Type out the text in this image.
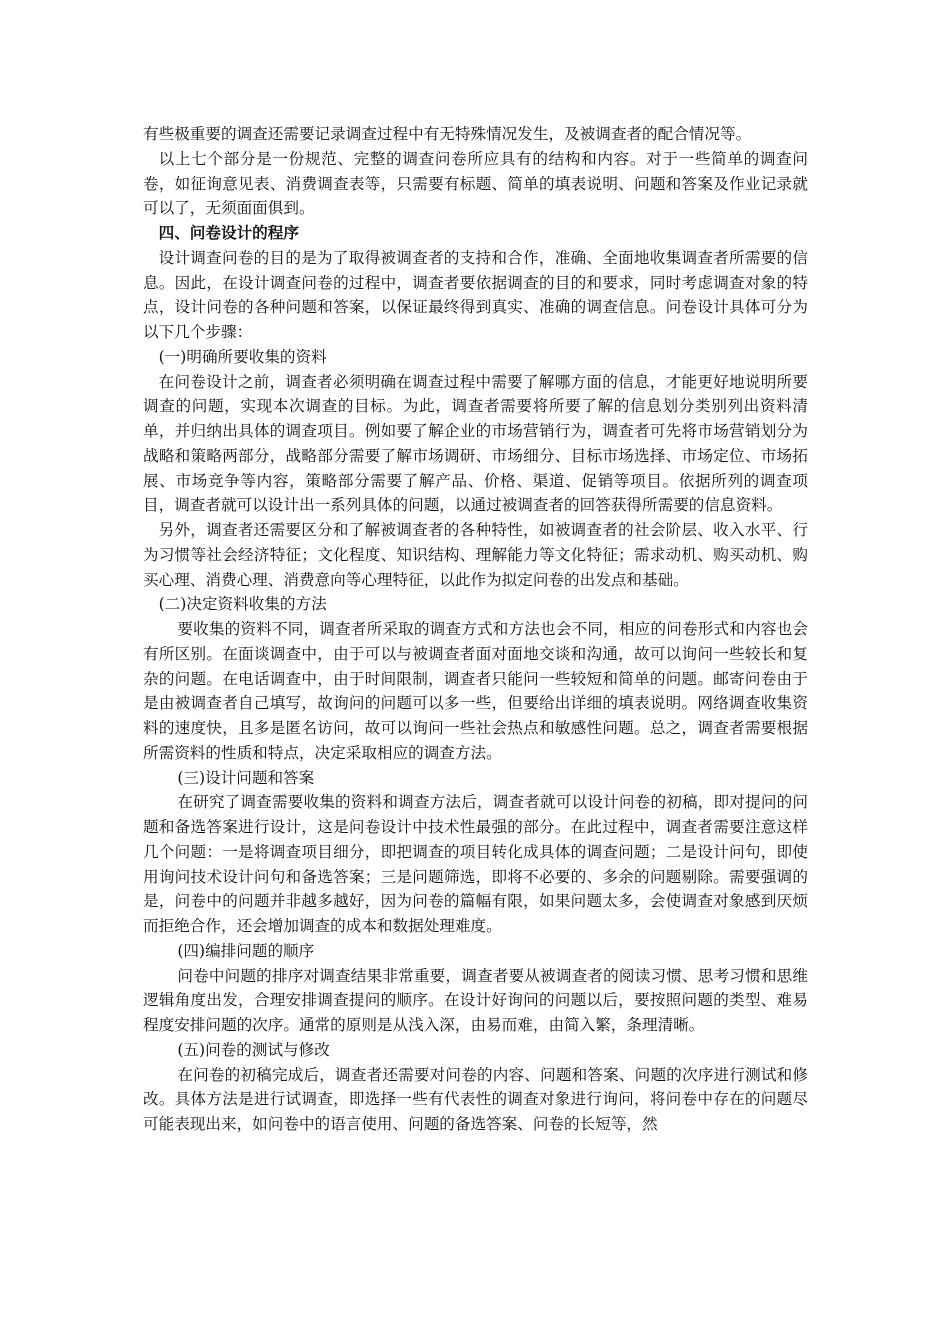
有些极重要的调查还需要记录调查过程中有无特殊情况发生，及被调查者的配合情况等。

以上七个部分是一份规范、完整的调查问卷所应具有的结构和内容。对于一些简单的调查问卷，如征询意见表、消费调查表等，只需要有标题、简单的填表说明、问题和答案及作业记录就可以了，无须面面俱到。

四、问卷设计的程序

设计调查问卷的目的是为了取得被调查者的支持和合作，准确、全面地收集调查者所需要的信息。因此，在设计调查问卷的过程中，调查者要依据调查的目的和要求，同时考虑调查对象的特点，设计问卷的各种问题和答案，以保证最终得到真实、准确的调查信息。问卷设计具体可分为以下几个步骤：

(一)明确所要收集的资料

在问卷设计之前，调查者必须明确在调查过程中需要了解哪方面的信息，才能更好地说明所要调查的问题，实现本次调查的目标。为此，调查者需要将所要了解的信息划分类别列出资料清单，并归纳出具体的调查项目。例如要了解企业的市场营销行为，调查者可先将市场营销划分为战略和策略两部分，战略部分需要了解市场调研、市场细分、目标市场选择、市场定位、市场拓展、市场竞争等内容，策略部分需要了解产品、价格、渠道、促销等项目。依据所列的调查项目，调查者就可以设计出一系列具体的问题，以通过被调查者的回答获得所需要的信息资料。

另外，调查者还需要区分和了解被调查者的各种特性，如被调查者的社会阶层、收入水平、行为习惯等社会经济特征；文化程度、知识结构、理解能力等文化特征；需求动机、购买动机、购买心理、消费心理、消费意向等心理特征，以此作为拟定问卷的出发点和基础。

(二)决定资料收集的方法

要收集的资料不同，调查者所采取的调查方式和方法也会不同，相应的问卷形式和内容也会有所区别。在面谈调查中，由于可以与被调查者面对面地交谈和沟通，故可以询问一些较长和复杂的问题。在电话调查中，由于时间限制，调查者只能问一些较短和简单的问题。邮寄问卷由于是由被调查者自己填写，故询问的问题可以多一些，但要给出详细的填表说明。网络调查收集资料的速度快，且多是匿名访问，故可以询问一些社会热点和敏感性问题。总之，调查者需要根据所需资料的性质和特点，决定采取相应的调查方法。

(三)设计问题和答案

在研究了调查需要收集的资料和调查方法后，调查者就可以设计问卷的初稿，即对提问的问题和备选答案进行设计，这是问卷设计中技术性最强的部分。在此过程中，调查者需要注意这样几个问题：一是将调查项目细分，即把调查的项目转化成具体的调查问题；二是设计问句，即使用询问技术设计问句和备选答案；三是问题筛选，即将不必要的、多余的问题剔除。需要强调的是，问卷中的问题并非越多越好，因为问卷的篇幅有限，如果问题太多，会使调查对象感到厌烦而拒绝合作，还会增加调查的成本和数据处理难度。

(四)编排问题的顺序

问卷中问题的排序对调查结果非常重要，调查者要从被调查者的阅读习惯、思考习惯和思维逻辑角度出发，合理安排调查提问的顺序。在设计好询问的问题以后，要按照问题的类型、难易程度安排问题的次序。通常的原则是从浅入深，由易而难，由简入繁，条理清晰。

(五)问卷的测试与修改

在问卷的初稿完成后，调查者还需要对问卷的内容、问题和答案、问题的次序进行测试和修改。具体方法是进行试调查，即选择一些有代表性的调查对象进行询问，将问卷中存在的问题尽可能表现出来，如问卷中的语言使用、问题的备选答案、问卷的长短等，然
